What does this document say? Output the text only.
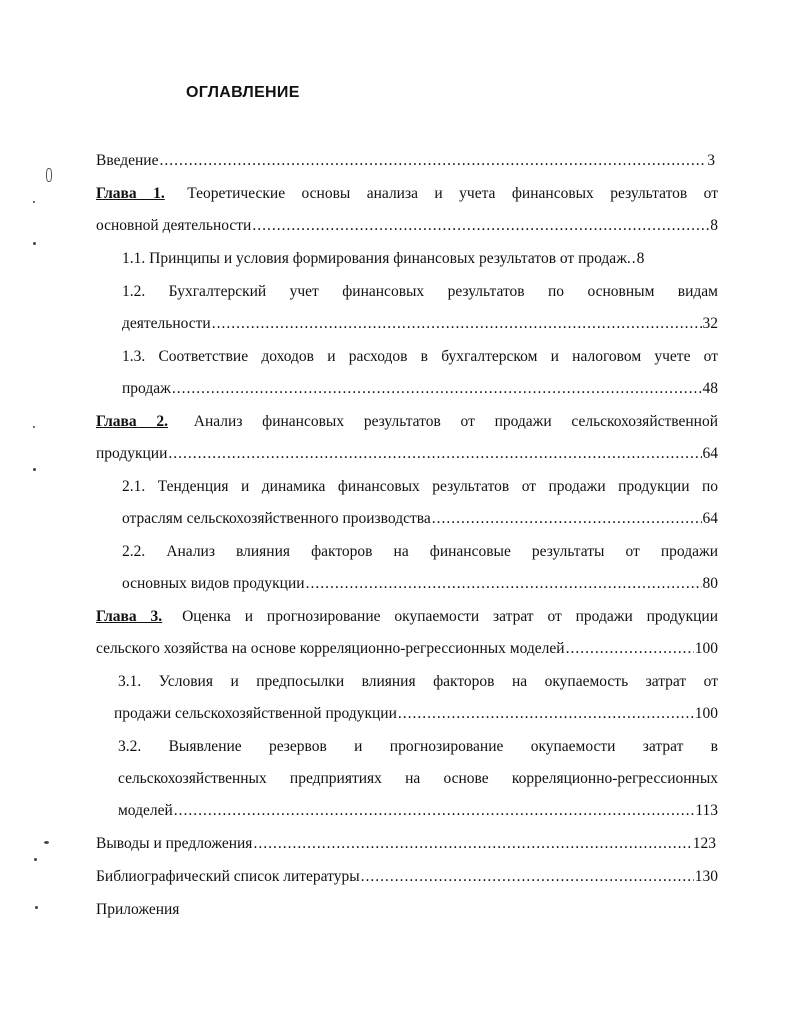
ОГЛАВЛЕНИЕ
Введение .....	3
Глава 1. Теоретические основы анализа и учета финансовых результатов от
основной деятельности .....	8
1.1. Принципы и условия формирования финансовых результатов от продаж .. 8
1.2. Бухгалтерский учет финансовых результатов по основным видам
деятельности .....	32
1.3. Соответствие доходов и расходов в бухгалтерском и налоговом учете от
продаж .....	48
Глава 2. Анализ финансовых результатов от продажи сельскохозяйственной
продукции .....	64
2.1. Тенденция и динамика финансовых результатов от продажи продукции по
отраслям сельскохозяйственного производства .....	64
2.2. Анализ влияния факторов на финансовые результаты от продажи
основных видов продукции .....	80
Глава 3. Оценка и прогнозирование окупаемости затрат от продажи продукции
сельского хозяйства на основе корреляционно-регрессионных моделей .....	100
3.1. Условия и предпосылки влияния факторов на окупаемость затрат от
продажи сельскохозяйственной продукции .....	100
3.2. Выявление резервов и прогнозирование окупаемости затрат в
сельскохозяйственных предприятиях на основе корреляционно-регрессионных
моделей .....	113
Выводы и предложения .....	123
Библиографический список литературы .....	130
Приложения
